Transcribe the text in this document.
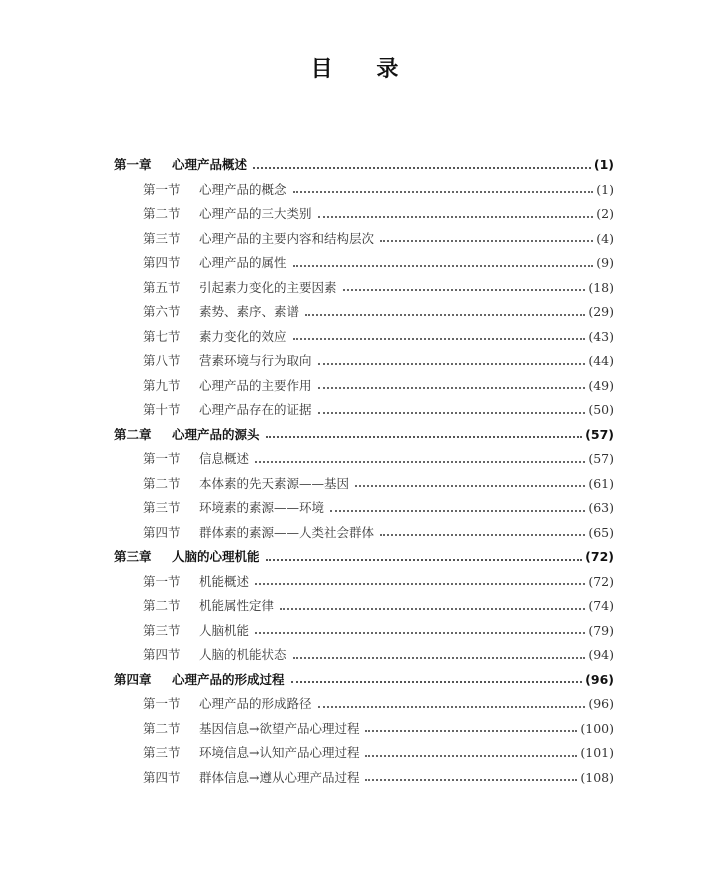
目 录
第一章	心理产品概述	(1)
第一节	心理产品的概念	(1)
第二节	心理产品的三大类别	(2)
第三节	心理产品的主要内容和结构层次	(4)
第四节	心理产品的属性	(9)
第五节	引起素力变化的主要因素	(18)
第六节	素势、素序、素谱	(29)
第七节	素力变化的效应	(43)
第八节	营素环境与行为取向	(44)
第九节	心理产品的主要作用	(49)
第十节	心理产品存在的证据	(50)
第二章	心理产品的源头	(57)
第一节	信息概述	(57)
第二节	本体素的先天素源——基因	(61)
第三节	环境素的素源——环境	(63)
第四节	群体素的素源——人类社会群体	(65)
第三章	人脑的心理机能	(72)
第一节	机能概述	(72)
第二节	机能属性定律	(74)
第三节	人脑机能	(79)
第四节	人脑的机能状态	(94)
第四章	心理产品的形成过程	(96)
第一节	心理产品的形成路径	(96)
第二节	基因信息→欲望产品心理过程	(100)
第三节	环境信息→认知产品心理过程	(101)
第四节	群体信息→遵从心理产品过程	(108)
